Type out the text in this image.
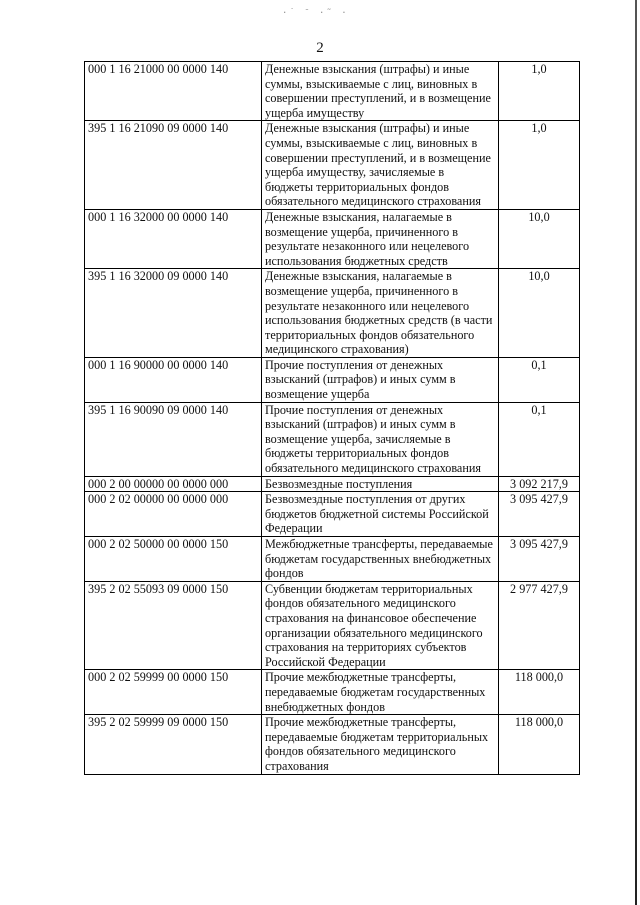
·˙ ˉ ·˜ ·
2
000 1 16 21000 00 0000 140	Денежные взыскания (штрафы) и иные суммы, взыскиваемые с лиц, виновных в совершении преступлений, и в возмещение ущерба имуществу	1,0
395 1 16 21090 09 0000 140	Денежные взыскания (штрафы) и иные суммы, взыскиваемые с лиц, виновных в совершении преступлений, и в возмещение ущерба имуществу, зачисляемые в бюджеты территориальных фондов обязательного медицинского страхования	1,0
000 1 16 32000 00 0000 140	Денежные взыскания, налагаемые в возмещение ущерба, причиненного в результате незаконного или нецелевого использования бюджетных средств	10,0
395 1 16 32000 09 0000 140	Денежные взыскания, налагаемые в возмещение ущерба, причиненного в результате незаконного или нецелевого использования бюджетных средств (в части территориальных фондов обязательного медицинского страхования)	10,0
000 1 16 90000 00 0000 140	Прочие поступления от денежных взысканий (штрафов) и иных сумм в возмещение ущерба	0,1
395 1 16 90090 09 0000 140	Прочие поступления от денежных взысканий (штрафов) и иных сумм в возмещение ущерба, зачисляемые в бюджеты территориальных фондов обязательного медицинского страхования	0,1
000 2 00 00000 00 0000 000	Безвозмездные поступления	3 092 217,9
000 2 02 00000 00 0000 000	Безвозмездные поступления от других бюджетов бюджетной системы Российской Федерации	3 095 427,9
000 2 02 50000 00 0000 150	Межбюджетные трансферты, передаваемые бюджетам государственных внебюджетных фондов	3 095 427,9
395 2 02 55093 09 0000 150	Субвенции бюджетам территориальных фондов обязательного медицинского страхования на финансовое обеспечение организации обязательного медицинского страхования на территориях субъектов Российской Федерации	2 977 427,9
000 2 02 59999 00 0000 150	Прочие межбюджетные трансферты, передаваемые бюджетам государственных внебюджетных фондов	118 000,0
395 2 02 59999 09 0000 150	Прочие межбюджетные трансферты, передаваемые бюджетам территориальных фондов обязательного медицинского страхования	118 000,0
